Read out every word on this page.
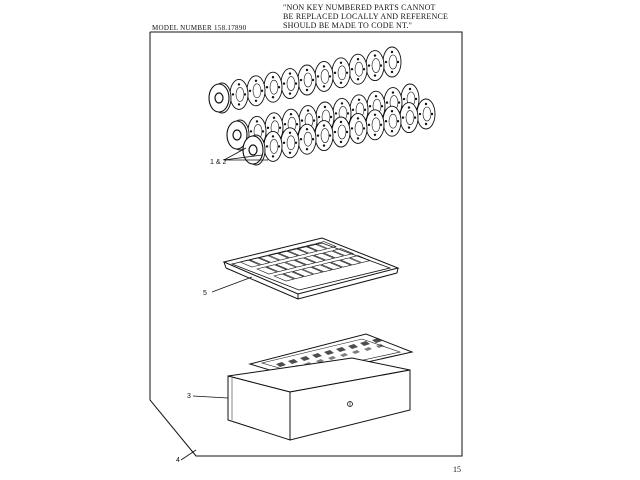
MODEL NUMBER 158.17890

"NON KEY NUMBERED PARTS CANNOT

BE REPLACED LOCALLY AND REFERENCE

SHOULD BE MADE TO CODE NT."

1 & 2
5
3
4
15
